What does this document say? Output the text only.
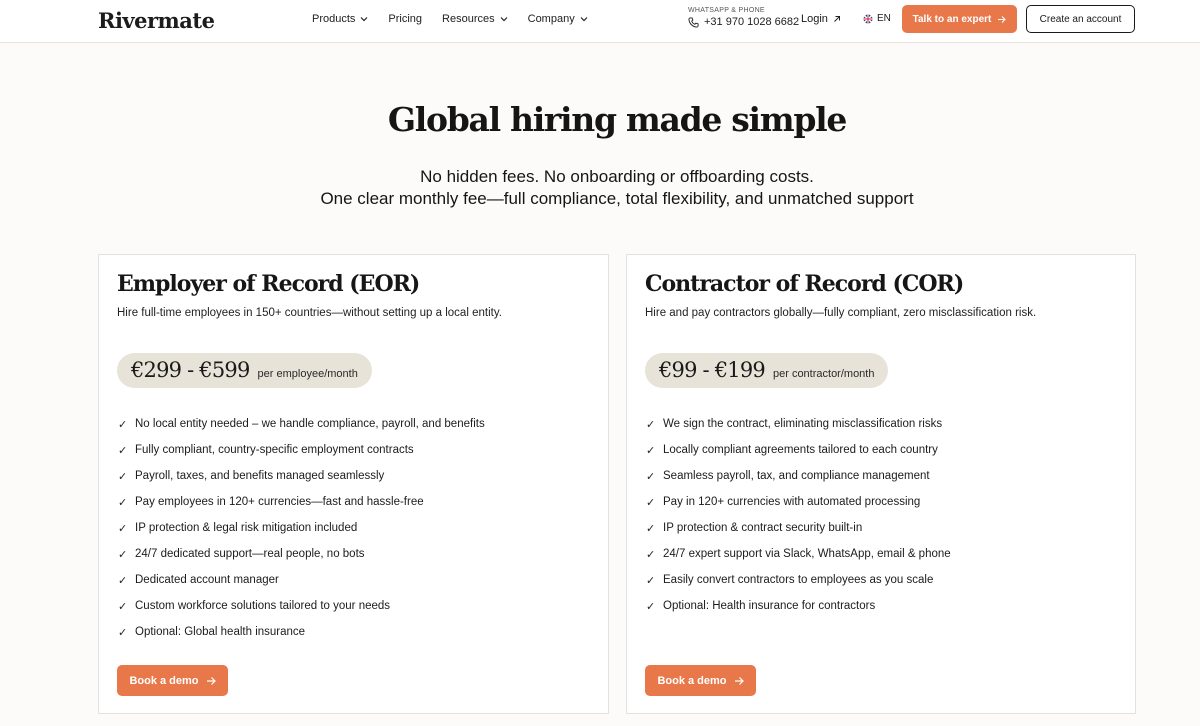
Rivermate	Products	Pricing Resources	Company
WHATSAPP & PHONE
+31 970 1028 6682 Login	EN Talk to an expert	Create an account
Global hiring made simple
No hidden fees. No onboarding or offboarding costs.
One clear monthly fee—full compliance, total flexibility, and unmatched support
Employer of Record (EOR)

Hire full-time employees in 150+ countries—without setting up a local entity.

€299 - €599 per employee/month
✓ No local entity needed – we handle compliance, payroll, and benefits
✓ Fully compliant, country-specific employment contracts
✓ Payroll, taxes, and benefits managed seamlessly
✓ Pay employees in 120+ currencies—fast and hassle-free
✓ IP protection & legal risk mitigation included
✓ 24/7 dedicated support—real people, no bots
✓ Dedicated account manager
✓ Custom workforce solutions tailored to your needs
✓ Optional: Global health insurance
Book a demo
Contractor of Record (COR)

Hire and pay contractors globally—fully compliant, zero misclassification risk.

€99 - €199 per contractor/month
✓ We sign the contract, eliminating misclassification risks
✓ Locally compliant agreements tailored to each country
✓ Seamless payroll, tax, and compliance management
✓ Pay in 120+ currencies with automated processing
✓ IP protection & contract security built-in
✓ 24/7 expert support via Slack, WhatsApp, email & phone
✓ Easily convert contractors to employees as you scale
✓ Optional: Health insurance for contractors
Book a demo
